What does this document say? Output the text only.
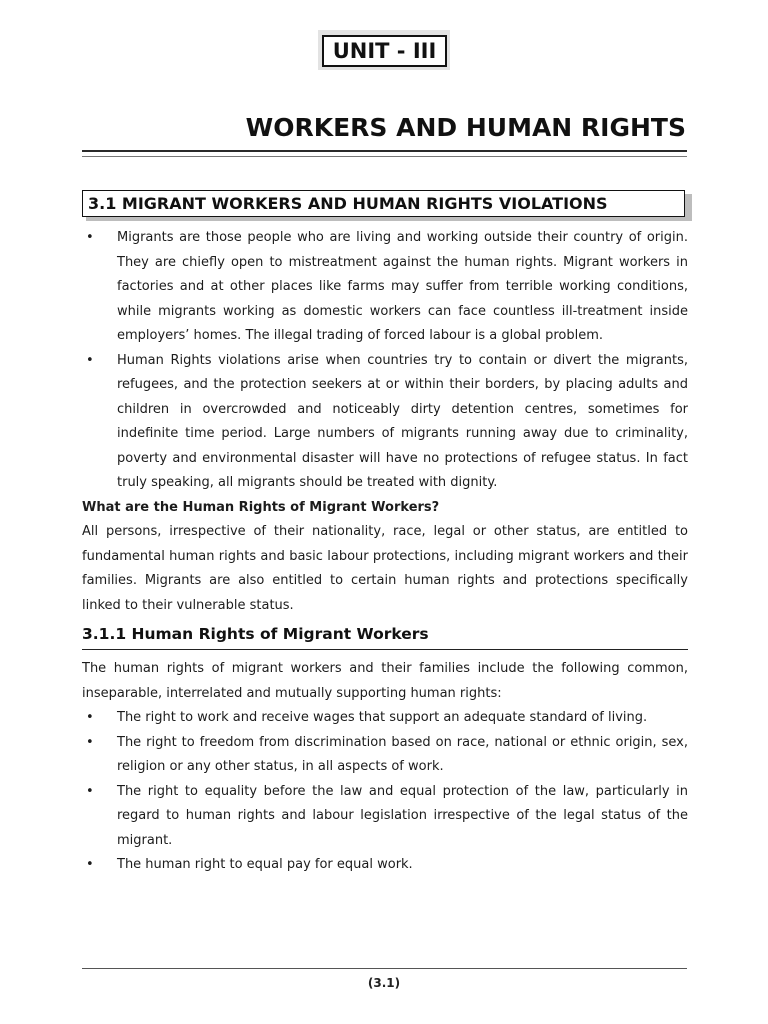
UNIT - III
WORKERS AND HUMAN RIGHTS
3.1 MIGRANT WORKERS AND HUMAN RIGHTS VIOLATIONS
•	Migrants are those people who are living and working outside their country of origin. They are chiefly open to mistreatment against the human rights. Migrant workers in factories and at other places like farms may suffer from terrible working conditions, while migrants working as domestic workers can face countless ill-treatment inside employers’ homes. The illegal trading of forced labour is a global problem.
•	Human Rights violations arise when countries try to contain or divert the migrants, refugees, and the protection seekers at or within their borders, by placing adults and children in overcrowded and noticeably dirty detention centres, sometimes for indefinite time period. Large numbers of migrants running away due to criminality, poverty and environmental disaster will have no protections of refugee status. In fact truly speaking, all migrants should be treated with dignity.
What are the Human Rights of Migrant Workers?

All persons, irrespective of their nationality, race, legal or other status, are entitled to fundamental human rights and basic labour protections, including migrant workers and their families. Migrants are also entitled to certain human rights and protections specifically linked to their vulnerable status.

3.1.1 Human Rights of Migrant Workers

The human rights of migrant workers and their families include the following common, inseparable, interrelated and mutually supporting human rights:

•	The right to work and receive wages that support an adequate standard of living.
•	The right to freedom from discrimination based on race, national or ethnic origin, sex, religion or any other status, in all aspects of work.
•	The right to equality before the law and equal protection of the law, particularly in regard to human rights and labour legislation irrespective of the legal status of the migrant.
•	The human right to equal pay for equal work.
(3.1)
